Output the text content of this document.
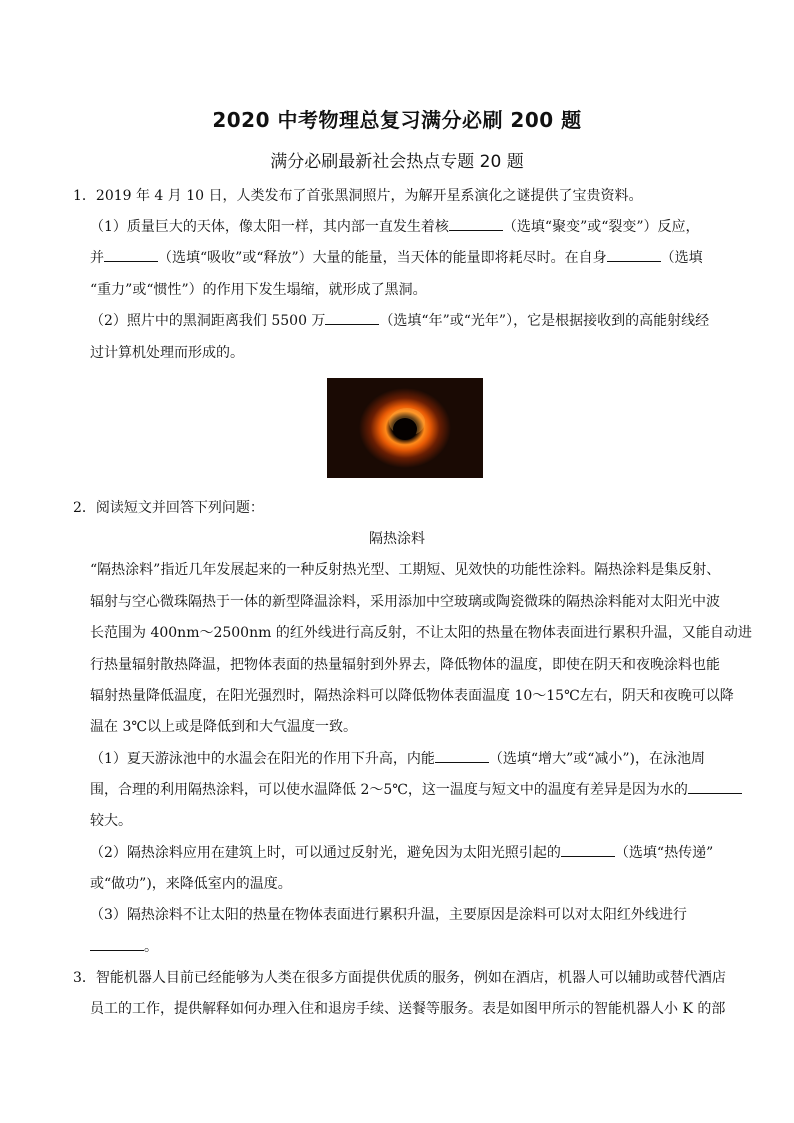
2020 中考物理总复习满分必刷 200 题
满分必刷最新社会热点专题 20 题
1．2019 年 4 月 10 日，人类发布了首张黑洞照片，为解开星系演化之谜提供了宝贵资料。
（1）质量巨大的天体，像太阳一样，其内部一直发生着核	（选填“聚变”或“裂变”）反应，
并	（选填“吸收”或“释放”）大量的能量，当天体的能量即将耗尽时。在自身	（选填
“重力”或“惯性”）的作用下发生塌缩，就形成了黑洞。
（2）照片中的黑洞距离我们 5500 万	（选填“年”或“光年”），它是根据接收到的高能射线经
过计算机处理而形成的。
2．阅读短文并回答下列问题：
隔热涂料
“隔热涂料”指近几年发展起来的一种反射热光型、工期短、见效快的功能性涂料。隔热涂料是集反射、
辐射与空心微珠隔热于一体的新型降温涂料，采用添加中空玻璃或陶瓷微珠的隔热涂料能对太阳光中波
长范围为 400nm～2500nm 的红外线进行高反射，不让太阳的热量在物体表面进行累积升温，又能自动进
行热量辐射散热降温，把物体表面的热量辐射到外界去，降低物体的温度，即使在阴天和夜晚涂料也能
辐射热量降低温度，在阳光强烈时，隔热涂料可以降低物体表面温度 10～15℃左右，阴天和夜晚可以降
温在 3℃以上或是降低到和大气温度一致。
（1）夏天游泳池中的水温会在阳光的作用下升高，内能	（选填“增大”或“减小”)，在泳池周
围，合理的利用隔热涂料，可以使水温降低 2～5℃，这一温度与短文中的温度有差异是因为水的
较大。
（2）隔热涂料应用在建筑上时，可以通过反射光，避免因为太阳光照引起的	（选填“热传递”
或“做功”)，来降低室内的温度。
（3）隔热涂料不让太阳的热量在物体表面进行累积升温，主要原因是涂料可以对太阳红外线进行
。
3．智能机器人目前已经能够为人类在很多方面提供优质的服务，例如在酒店，机器人可以辅助或替代酒店
员工的工作，提供解释如何办理入住和退房手续、送餐等服务。表是如图甲所示的智能机器人小 K 的部
